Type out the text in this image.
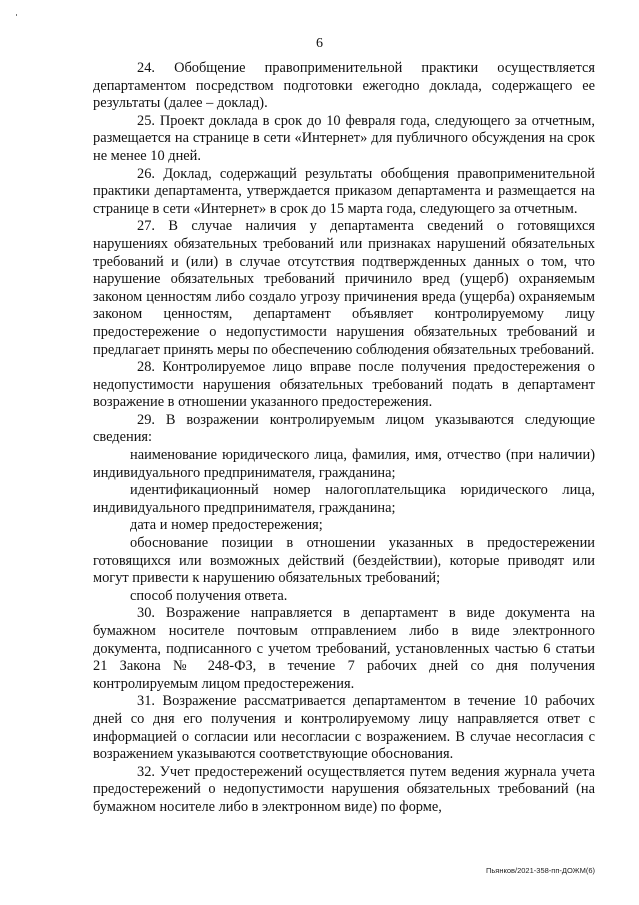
6

24. Обобщение правоприменительной практики осуществляется департаментом посредством подготовки ежегодно доклада, содержащего ее результаты (далее – доклад).

25. Проект доклада в срок до 10 февраля года, следующего за отчетным, размещается на странице в сети «Интернет» для публичного обсуждения на срок не менее 10 дней.

26. Доклад, содержащий результаты обобщения правоприменительной практики департамента, утверждается приказом департамента и размещается на странице в сети «Интернет» в срок до 15 марта года, следующего за отчетным.

27. В случае наличия у департамента сведений о готовящихся нарушениях обязательных требований или признаках нарушений обязательных требований и (или) в случае отсутствия подтвержденных данных о том, что нарушение обязательных требований причинило вред (ущерб) охраняемым законом ценностям либо создало угрозу причинения вреда (ущерба) охраняемым законом ценностям, департамент объявляет контролируемому лицу предостережение о недопустимости нарушения обязательных требований и предлагает принять меры по обеспечению соблюдения обязательных требований.

28. Контролируемое лицо вправе после получения предостережения о недопустимости нарушения обязательных требований подать в департамент возражение в отношении указанного предостережения.

29. В возражении контролируемым лицом указываются следующие сведения:

наименование юридического лица, фамилия, имя, отчество (при наличии) индивидуального предпринимателя, гражданина;

идентификационный номер налогоплательщика юридического лица, индивидуального предпринимателя, гражданина;

дата и номер предостережения;

обоснование позиции в отношении указанных в предостережении готовящихся или возможных действий (бездействии), которые приводят или могут привести к нарушению обязательных требований;

способ получения ответа.

30. Возражение направляется в департамент в виде документа на бумажном носителе почтовым отправлением либо в виде электронного документа, подписанного с учетом требований, установленных частью 6 статьи 21 Закона № 248-ФЗ, в течение 7 рабочих дней со дня получения контролируемым лицом предостережения.

31. Возражение рассматривается департаментом в течение 10 рабочих дней со дня его получения и контролируемому лицу направляется ответ с информацией о согласии или несогласии с возражением. В случае несогласия с возражением указываются соответствующие обоснования.

32. Учет предостережений осуществляется путем ведения журнала учета предостережений о недопустимости нарушения обязательных требований (на бумажном носителе либо в электронном виде) по форме,

Пьянков/2021-358-пп-ДОЖМ(6)
